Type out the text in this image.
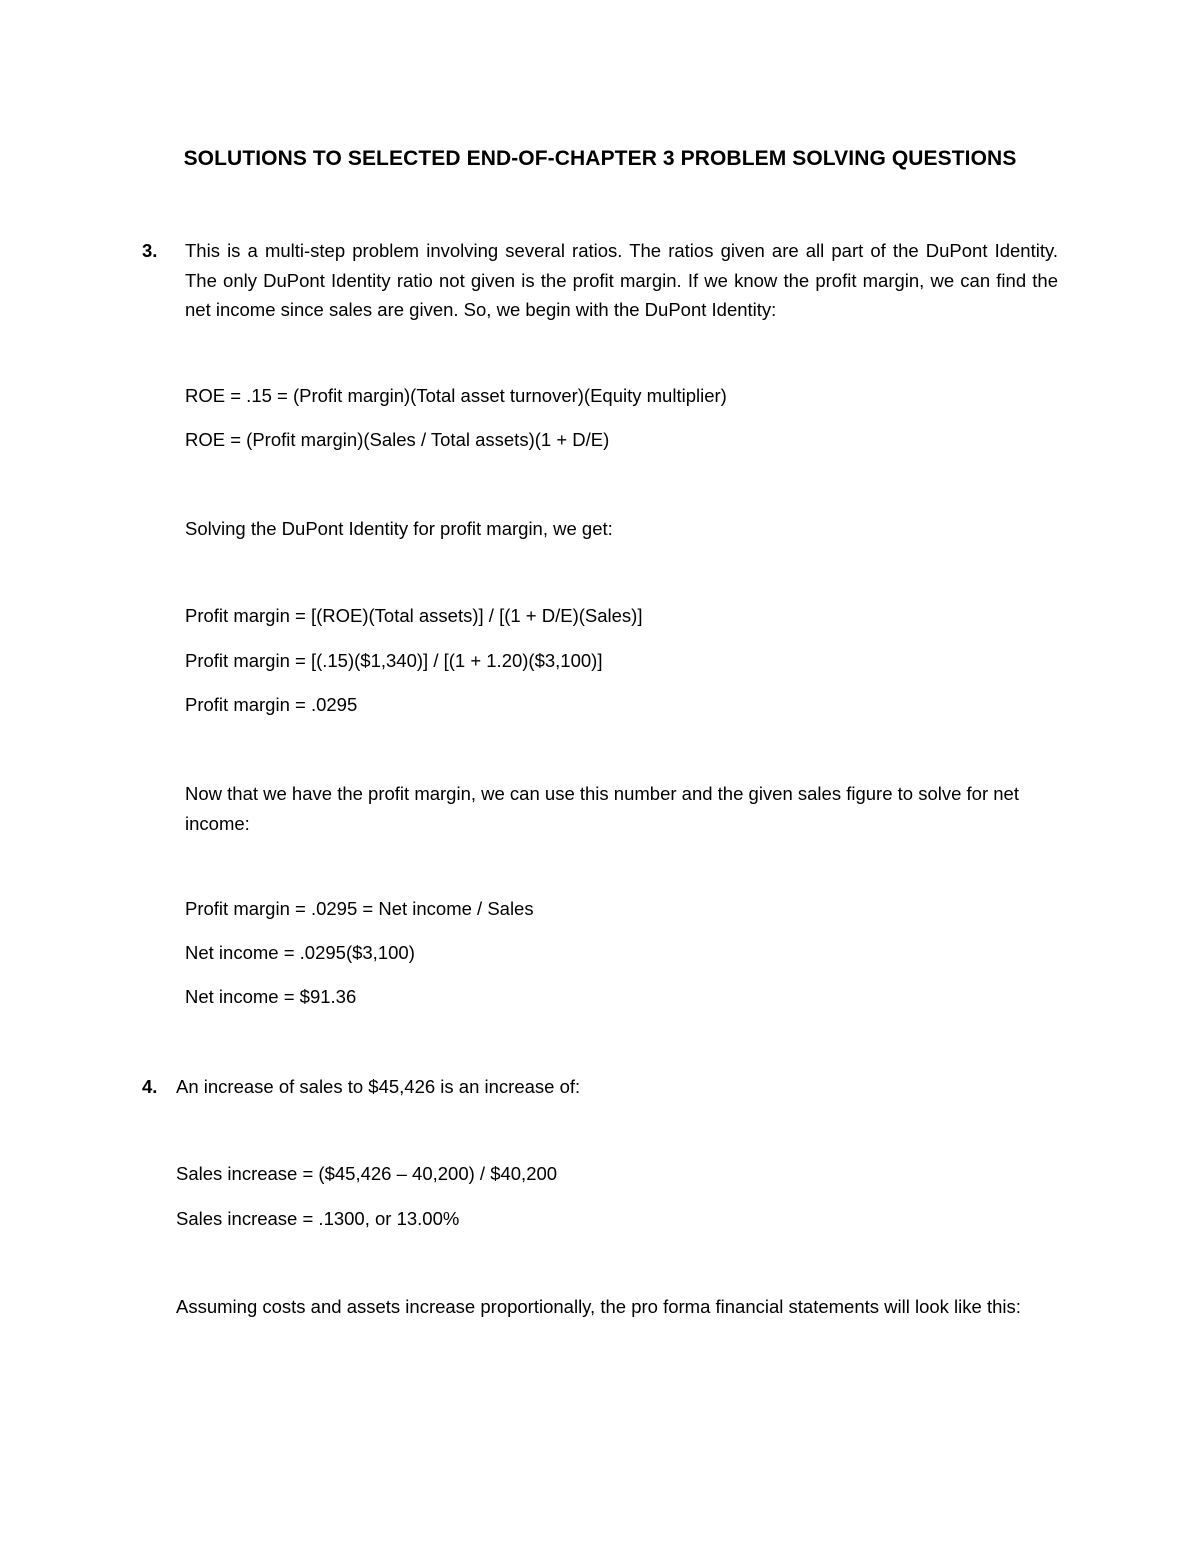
SOLUTIONS TO SELECTED END-OF-CHAPTER 3 PROBLEM SOLVING QUESTIONS
3. This is a multi-step problem involving several ratios. The ratios given are all part of the DuPont Identity. The only DuPont Identity ratio not given is the profit margin. If we know the profit margin, we can find the net income since sales are given. So, we begin with the DuPont Identity:
ROE = .15 = (Profit margin)(Total asset turnover)(Equity multiplier)
ROE = (Profit margin)(Sales / Total assets)(1 + D/E)
Solving the DuPont Identity for profit margin, we get:
Profit margin = [(ROE)(Total assets)] / [(1 + D/E)(Sales)]
Profit margin = [(.15)($1,340)] / [(1 + 1.20)($3,100)]
Profit margin = .0295
Now that we have the profit margin, we can use this number and the given sales figure to solve for net income:
Profit margin = .0295 = Net income / Sales
Net income = .0295($3,100)
Net income = $91.36
4. An increase of sales to $45,426 is an increase of:
Sales increase = ($45,426 – 40,200) / $40,200
Sales increase = .1300, or 13.00%
Assuming costs and assets increase proportionally, the pro forma financial statements will look like this:
